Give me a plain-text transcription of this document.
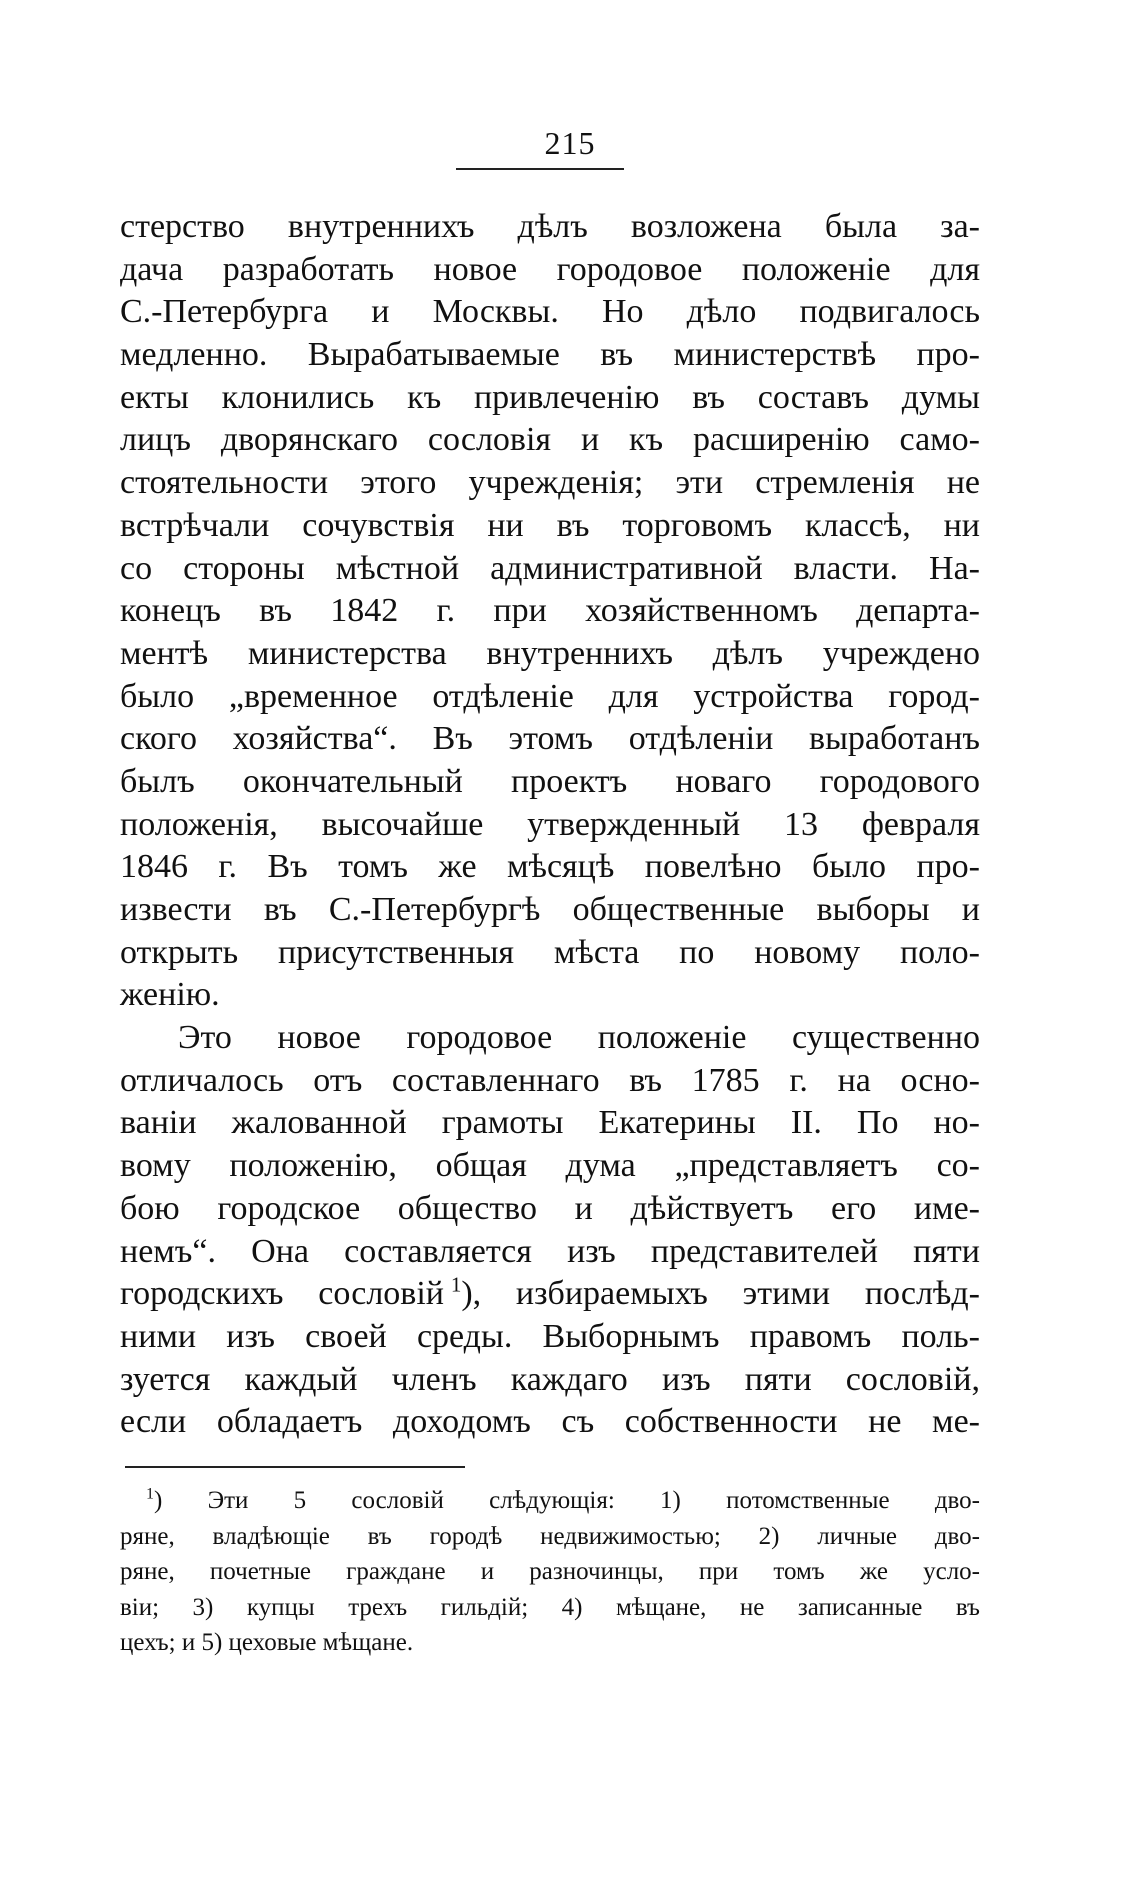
215
стерство внутреннихъ дѣлъ возложена была за-
дача разработать новое городовое положеніе для
С.-Петербурга и Москвы. Но дѣло подвигалось
медленно. Вырабатываемые въ министерствѣ про-
екты клонились къ привлеченію въ составъ думы
лицъ дворянскаго сословія и къ расширенію само-
стоятельности этого учрежденія; эти стремленія не
встрѣчали сочувствія ни въ торговомъ классѣ, ни
со стороны мѣстной административной власти. На-
конецъ въ 1842 г. при хозяйственномъ департа-
ментѣ министерства внутреннихъ дѣлъ учреждено
было „временное отдѣленіе для устройства город-
ского хозяйства“. Въ этомъ отдѣленіи выработанъ
былъ окончательный проектъ новаго городового
положенія, высочайше утвержденный 13 февраля
1846 г. Въ томъ же мѣсяцѣ повелѣно было про-
извести въ С.-Петербургѣ общественные выборы и
открыть присутственныя мѣста по новому поло-
женію.
Это новое городовое положеніе существенно
отличалось отъ составленнаго въ 1785 г. на осно-
ваніи жалованной грамоты Екатерины II. По но-
вому положенію, общая дума „представляетъ со-
бою городское общество и дѣйствуетъ его име-
немъ“. Она составляется изъ представителей пяти
городскихъ сословій  $^1$), избираемыхъ этими послѣд-
ними изъ своей среды. Выборнымъ правомъ поль-
зуется каждый членъ каждаго изъ пяти сословій,
если обладаетъ доходомъ съ собственности не ме-
$^1$) Эти 5 сословій слѣдующія: 1) потомственные дво-
ряне, владѣющіе въ городѣ недвижимостью; 2) личные дво-
ряне, почетные граждане и разночинцы, при томъ же усло-
віи; 3) купцы трехъ гильдій; 4) мѣщане, не записанные въ
цехъ; и 5) цеховые мѣщане.
